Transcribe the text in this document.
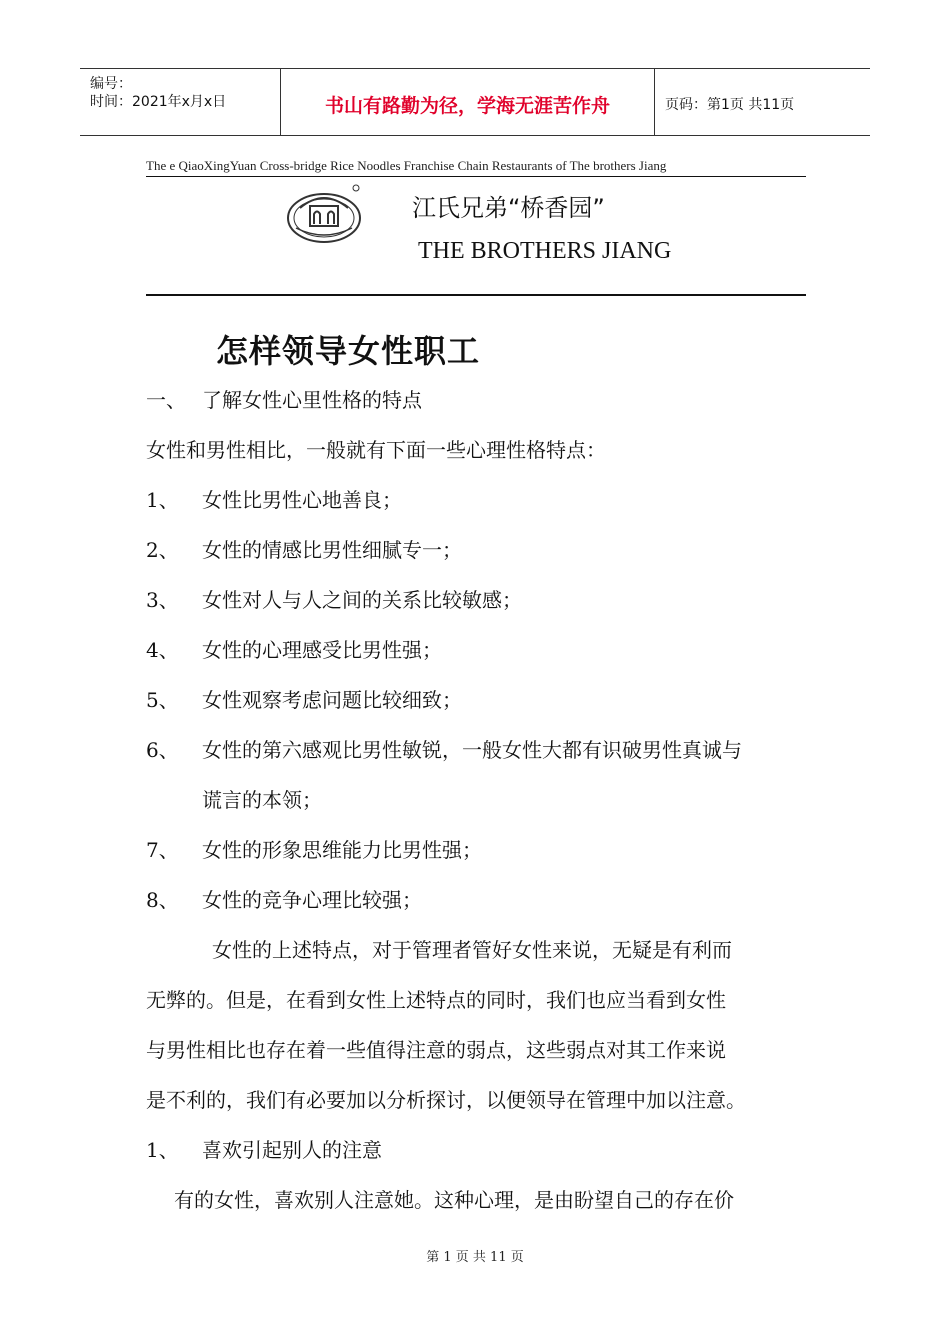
编号：
时间：2021年x月x日	书山有路勤为径，学海无涯苦作舟	页码：第1页 共11页
The e QiaoXingYuan Cross-bridge Rice Noodles Franchise Chain Restaurants of The brothers Jiang
江氏兄弟“桥香园”
THE BROTHERS JIANG
怎样领导女性职工
一、 了解女性心里性格的特点
女性和男性相比，一般就有下面一些心理性格特点：
1、 女性比男性心地善良；
2、 女性的情感比男性细腻专一；
3、 女性对人与人之间的关系比较敏感；
4、 女性的心理感受比男性强；
5、 女性观察考虑问题比较细致；
6、 女性的第六感观比男性敏锐，一般女性大都有识破男性真诚与
谎言的本领；
7、 女性的形象思维能力比男性强；
8、 女性的竞争心理比较强；
女性的上述特点，对于管理者管好女性来说，无疑是有利而
无弊的。但是，在看到女性上述特点的同时，我们也应当看到女性
与男性相比也存在着一些值得注意的弱点，这些弱点对其工作来说
是不利的，我们有必要加以分析探讨，以便领导在管理中加以注意。
1、 喜欢引起别人的注意
有的女性，喜欢别人注意她。这种心理，是由盼望自己的存在价
第 1 页 共 11 页
